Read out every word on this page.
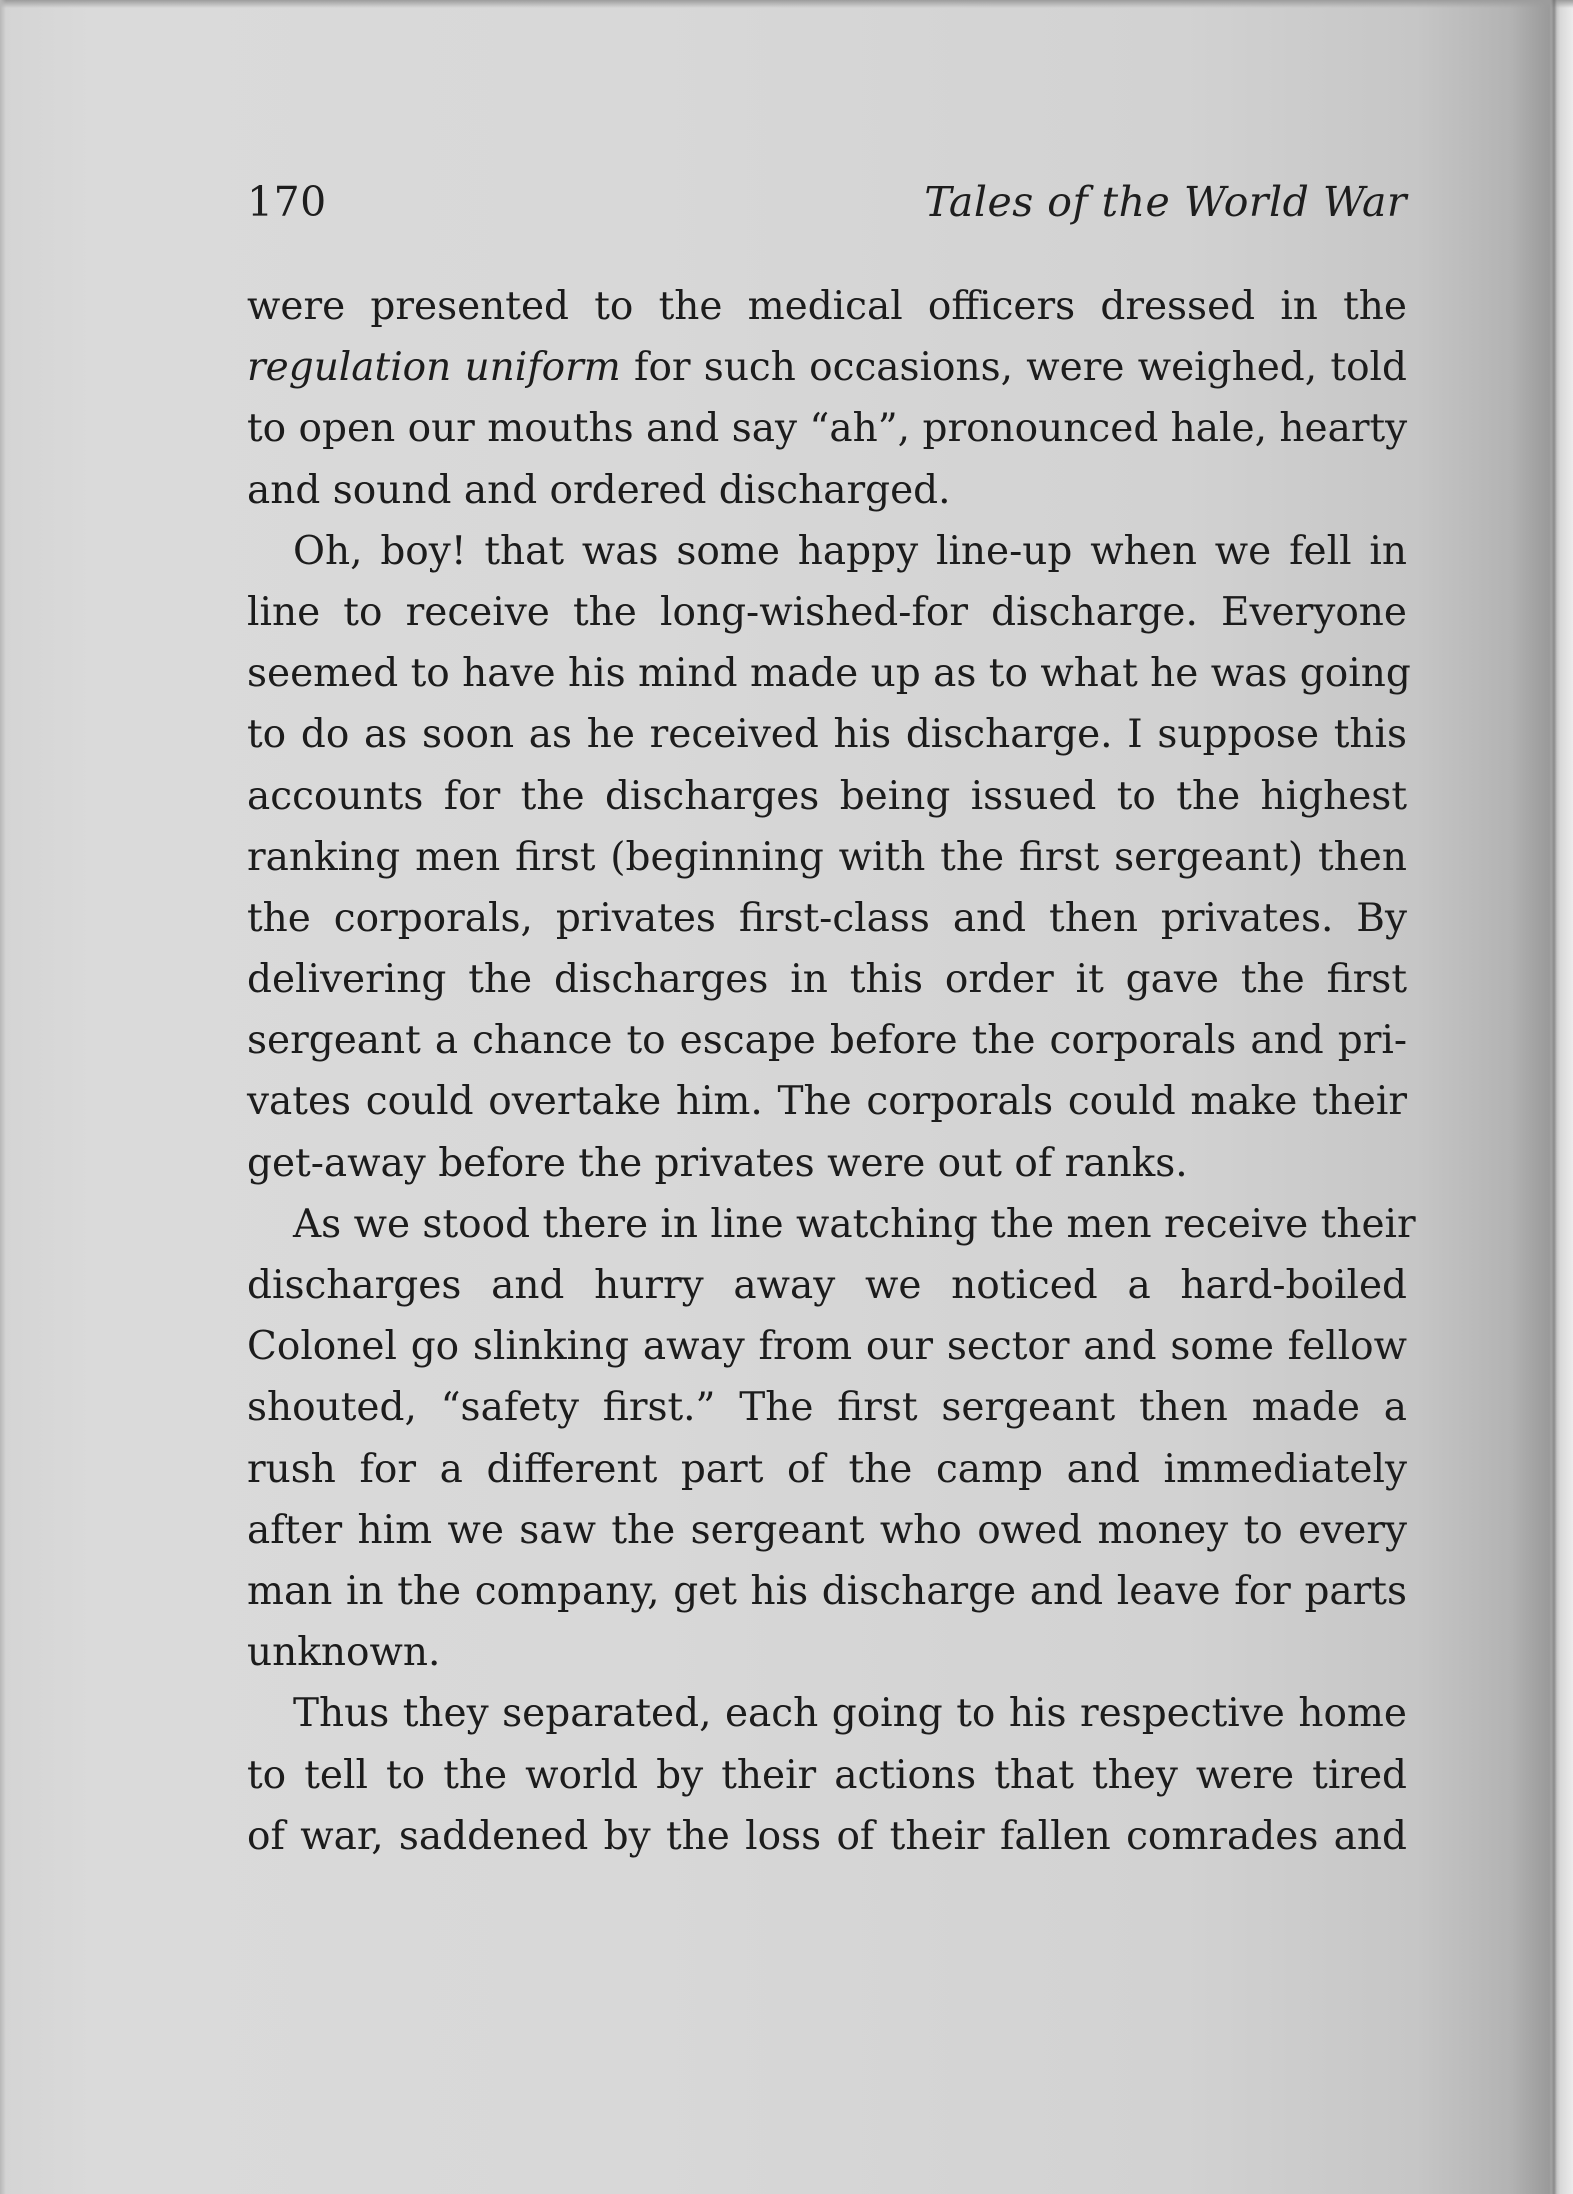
170	Tales of the World War
were presented to the medical officers dressed in the
regulation uniform for such occasions, were weighed, told
to open our mouths and say “ah”, pronounced hale, hearty
and sound and ordered discharged.
Oh, boy! that was some happy line-up when we fell in
line to receive the long-wished-for discharge. Everyone
seemed to have his mind made up as to what he was going
to do as soon as he received his discharge. I suppose this
accounts for the discharges being issued to the highest
ranking men first (beginning with the first sergeant) then
the corporals, privates first-class and then privates. By
delivering the discharges in this order it gave the first
sergeant a chance to escape before the corporals and pri-
vates could overtake him. The corporals could make their
get-away before the privates were out of ranks.
As we stood there in line watching the men receive their
discharges and hurry away we noticed a hard-boiled
Colonel go slinking away from our sector and some fellow
shouted, “safety first.” The first sergeant then made a
rush for a different part of the camp and immediately
after him we saw the sergeant who owed money to every
man in the company, get his discharge and leave for parts
unknown.
Thus they separated, each going to his respective home
to tell to the world by their actions that they were tired
of war, saddened by the loss of their fallen comrades and
